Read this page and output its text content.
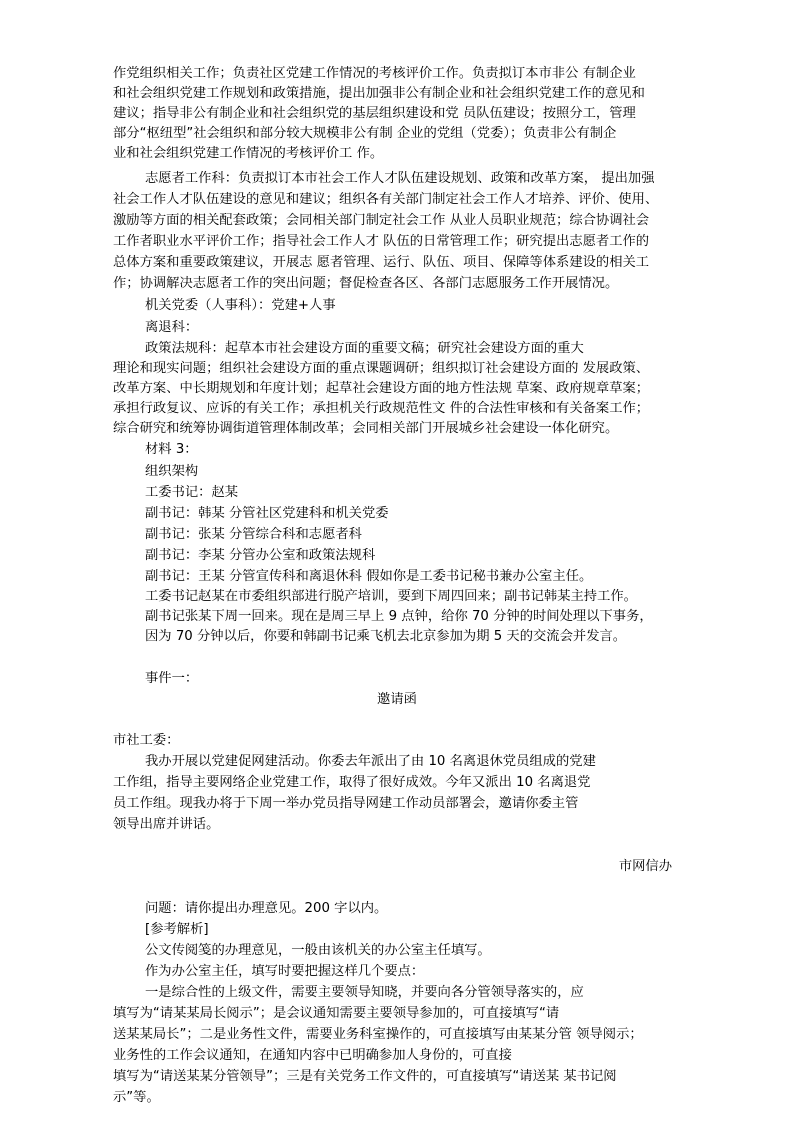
作党组织相关工作；负责社区党建工作情况的考核评价工作。负责拟订本市非公 有制企业
和社会组织党建工作规划和政策措施，提出加强非公有制企业和社会组织党建工作的意见和
建议；指导非公有制企业和社会组织党的基层组织建设和党 员队伍建设；按照分工，管理
部分“枢纽型”社会组织和部分较大规模非公有制 企业的党组（党委）；负责非公有制企
业和社会组织党建工作情况的考核评价工 作。
志愿者工作科：负责拟订本市社会工作人才队伍建设规划、政策和改革方案， 提出加强
社会工作人才队伍建设的意见和建议；组织各有关部门制定社会工作人才培养、评价、使用、
激励等方面的相关配套政策；会同相关部门制定社会工作 从业人员职业规范；综合协调社会
工作者职业水平评价工作；指导社会工作人才 队伍的日常管理工作；研究提出志愿者工作的
总体方案和重要政策建议，开展志 愿者管理、运行、队伍、项目、保障等体系建设的相关工
作；协调解决志愿者工作的突出问题；督促检查各区、各部门志愿服务工作开展情况。
机关党委（人事科）：党建+人事
离退科：
政策法规科：起草本市社会建设方面的重要文稿；研究社会建设方面的重大
理论和现实问题；组织社会建设方面的重点课题调研；组织拟订社会建设方面的 发展政策、
改革方案、中长期规划和年度计划；起草社会建设方面的地方性法规 草案、政府规章草案；
承担行政复议、应诉的有关工作；承担机关行政规范性文 件的合法性审核和有关备案工作；
综合研究和统筹协调街道管理体制改革；会同相关部门开展城乡社会建设一体化研究。
材料 3：
组织架构
工委书记：赵某
副书记：韩某 分管社区党建科和机关党委
副书记：张某 分管综合科和志愿者科
副书记：李某 分管办公室和政策法规科
副书记：王某 分管宣传科和离退休科 假如你是工委书记秘书兼办公室主任。
工委书记赵某在市委组织部进行脱产培训，要到下周四回来；副书记韩某主持工作。
副书记张某下周一回来。现在是周三早上 9 点钟，给你 70 分钟的时间处理以下事务，
因为 70 分钟以后，你要和韩副书记乘飞机去北京参加为期 5 天的交流会并发言。
事件一：
邀请函
市社工委：
我办开展以党建促网建活动。你委去年派出了由 10 名离退休党员组成的党建
工作组，指导主要网络企业党建工作，取得了很好成效。今年又派出 10 名离退党
员工作组。现我办将于下周一举办党员指导网建工作动员部署会，邀请你委主管
领导出席并讲话。
市网信办
问题：请你提出办理意见。200 字以内。
[参考解析]
公文传阅笺的办理意见，一般由该机关的办公室主任填写。
作为办公室主任，填写时要把握这样几个要点：
一是综合性的上级文件，需要主要领导知晓，并要向各分管领导落实的，应
填写为“请某某局长阅示”；是会议通知需要主要领导参加的，可直接填写“请
送某某局长”；二是业务性文件，需要业务科室操作的，可直接填写由某某分管 领导阅示；
业务性的工作会议通知，在通知内容中已明确参加人身份的，可直接
填写为“请送某某分管领导”；三是有关党务工作文件的，可直接填写“请送某 某书记阅
示”等。
